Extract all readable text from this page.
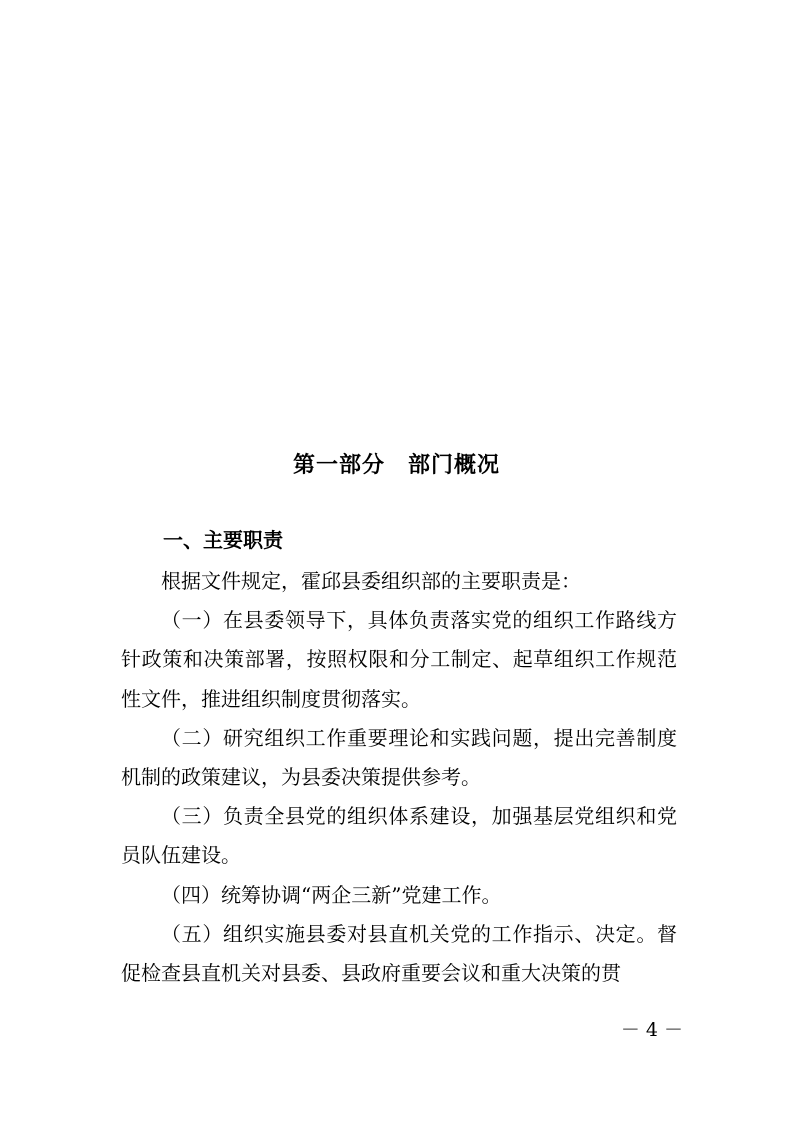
第一部分　部门概况
一、主要职责

根据文件规定，霍邱县委组织部的主要职责是：

（一）在县委领导下，具体负责落实党的组织工作路线方针政策和决策部署，按照权限和分工制定、起草组织工作规范性文件，推进组织制度贯彻落实。

（二）研究组织工作重要理论和实践问题，提出完善制度机制的政策建议，为县委决策提供参考。

（三）负责全县党的组织体系建设，加强基层党组织和党员队伍建设。

（四）统筹协调“两企三新”党建工作。

（五）组织实施县委对县直机关党的工作指示、决定。督促检查县直机关对县委、县政府重要会议和重大决策的贯

－ 4 －
